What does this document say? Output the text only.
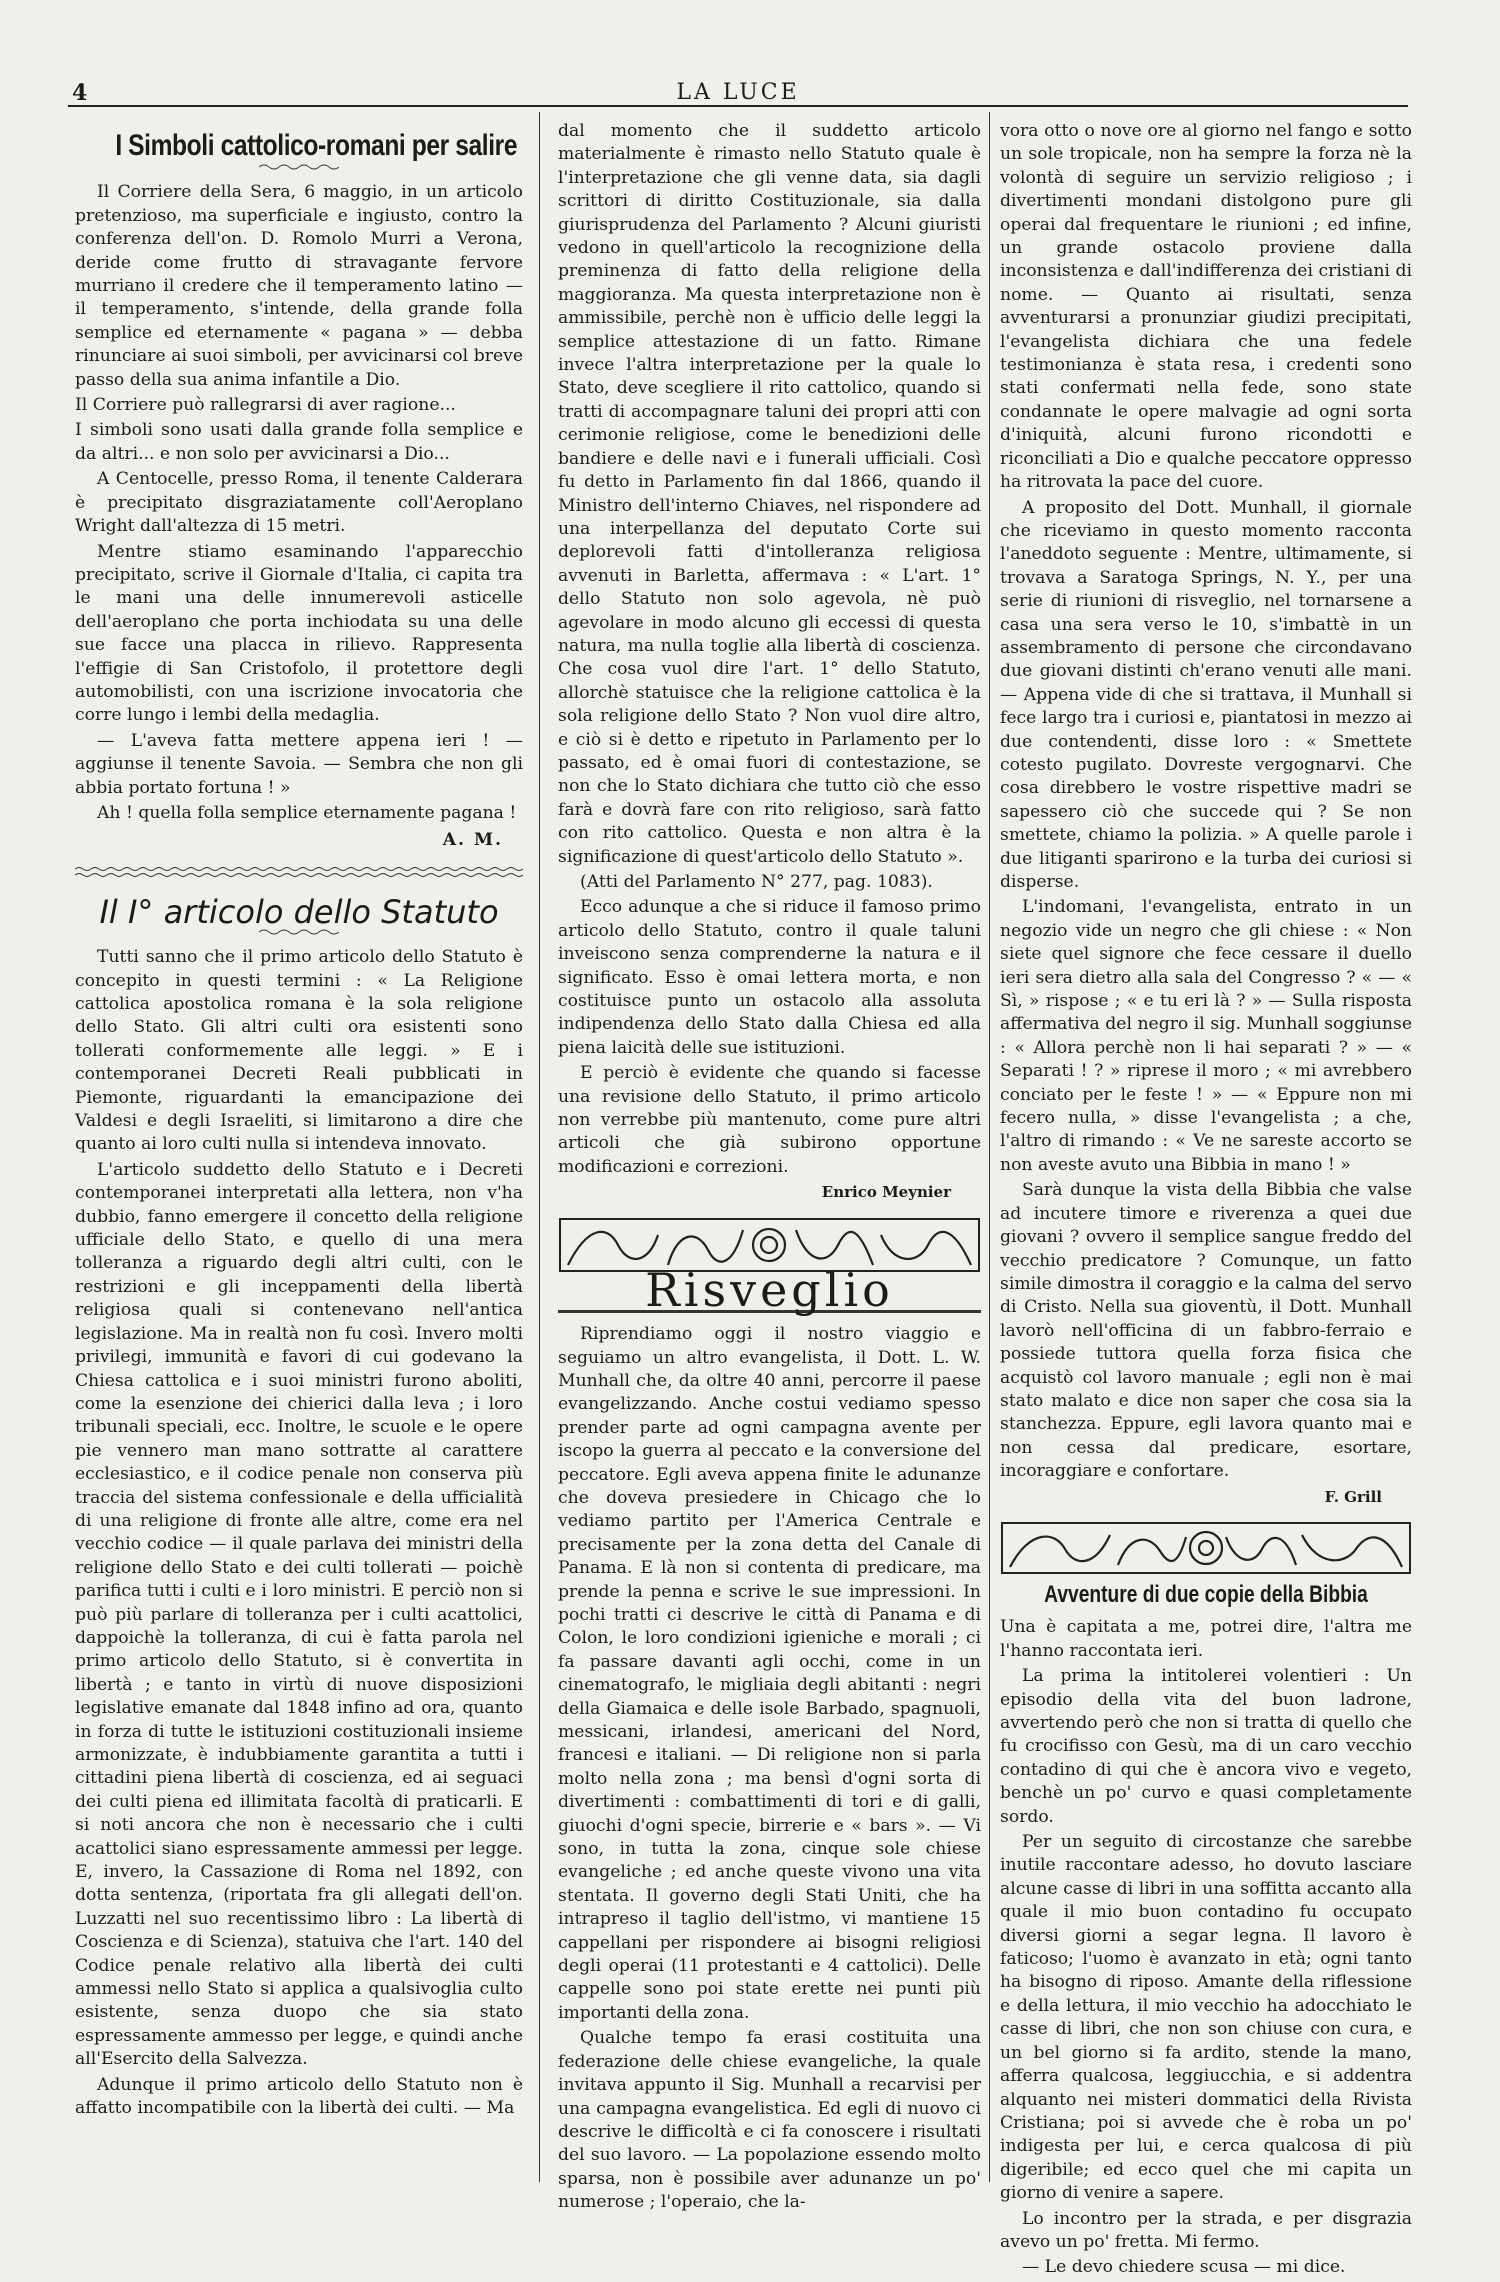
4	LA LUCE
I Simboli cattolico-romani per salire

Il Corriere della Sera, 6 maggio, in un articolo pretenzioso, ma superficiale e ingiusto, contro la conferenza dell'on. D. Romolo Murri a Verona, deride come frutto di stravagante fervore murriano il credere che il temperamento latino — il temperamento, s'intende, della grande folla semplice ed eternamente « pagana » — debba rinunciare ai suoi simboli, per avvicinarsi col breve passo della sua anima infantile a Dio.

Il Corriere può rallegrarsi di aver ragione...

I simboli sono usati dalla grande folla semplice e da altri... e non solo per avvicinarsi a Dio...

A Centocelle, presso Roma, il tenente Calderara è precipitato disgraziatamente coll'Aeroplano Wright dall'altezza di 15 metri.

Mentre stiamo esaminando l'apparecchio precipitato, scrive il Giornale d'Italia, ci capita tra le mani una delle innumerevoli asticelle dell'aeroplano che porta inchiodata su una delle sue facce una placca in rilievo. Rappresenta l'effigie di San Cristofolo, il protettore degli automobilisti, con una iscrizione invocatoria che corre lungo i lembi della medaglia.

— L'aveva fatta mettere appena ieri ! — aggiunse il tenente Savoia. — Sembra che non gli abbia portato fortuna ! »

Ah ! quella folla semplice eternamente pagana !

A. M.
Il I° articolo dello Statuto

Tutti sanno che il primo articolo dello Statuto è concepito in questi termini : « La Religione cattolica apostolica romana è la sola religione dello Stato. Gli altri culti ora esistenti sono tollerati conformemente alle leggi. » E i contemporanei Decreti Reali pubblicati in Piemonte, riguardanti la emancipazione dei Valdesi e degli Israeliti, si limitarono a dire che quanto ai loro culti nulla si intendeva innovato.

L'articolo suddetto dello Statuto e i Decreti contemporanei interpretati alla lettera, non v'ha dubbio, fanno emergere il concetto della religione ufficiale dello Stato, e quello di una mera tolleranza a riguardo degli altri culti, con le restrizioni e gli inceppamenti della libertà religiosa quali si contenevano nell'antica legislazione. Ma in realtà non fu così. Invero molti privilegi, immunità e favori di cui godevano la Chiesa cattolica e i suoi ministri furono aboliti, come la esenzione dei chierici dalla leva ; i loro tribunali speciali, ecc. Inoltre, le scuole e le opere pie vennero man mano sottratte al carattere ecclesiastico, e il codice penale non conserva più traccia del sistema confessionale e della ufficialità di una religione di fronte alle altre, come era nel vecchio codice — il quale parlava dei ministri della religione dello Stato e dei culti tollerati — poichè parifica tutti i culti e i loro ministri. E perciò non si può più parlare di tolleranza per i culti acattolici, dappoichè la tolleranza, di cui è fatta parola nel primo articolo dello Statuto, si è convertita in libertà ; e tanto in virtù di nuove disposizioni legislative emanate dal 1848 infino ad ora, quanto in forza di tutte le istituzioni costituzionali insieme armonizzate, è indubbiamente garantita a tutti i cittadini piena libertà di coscienza, ed ai seguaci dei culti piena ed illimitata facoltà di praticarli. E si noti ancora che non è necessario che i culti acattolici siano espressamente ammessi per legge. E, invero, la Cassazione di Roma nel 1892, con dotta sentenza, (riportata fra gli allegati dell'on. Luzzatti nel suo recentissimo libro : La libertà di Coscienza e di Scienza), statuiva che l'art. 140 del Codice penale relativo alla libertà dei culti ammessi nello Stato si applica a qualsivoglia culto esistente, senza duopo che sia stato espressamente ammesso per legge, e quindi anche all'Esercito della Salvezza.

Adunque il primo articolo dello Statuto non è affatto incompatibile con la libertà dei culti. — Ma

dal momento che il suddetto articolo materialmente è rimasto nello Statuto quale è l'interpretazione che gli venne data, sia dagli scrittori di diritto Costituzionale, sia dalla giurisprudenza del Parlamento ? Alcuni giuristi vedono in quell'articolo la recognizione della preminenza di fatto della religione della maggioranza. Ma questa interpretazione non è ammissibile, perchè non è ufficio delle leggi la semplice attestazione di un fatto. Rimane invece l'altra interpretazione per la quale lo Stato, deve scegliere il rito cattolico, quando si tratti di accompagnare taluni dei propri atti con cerimonie religiose, come le benedizioni delle bandiere e delle navi e i funerali ufficiali. Così fu detto in Parlamento fin dal 1866, quando il Ministro dell'interno Chiaves, nel rispondere ad una interpellanza del deputato Corte sui deplorevoli fatti d'intolleranza religiosa avvenuti in Barletta, affermava : « L'art. 1° dello Statuto non solo agevola, nè può agevolare in modo alcuno gli eccessi di questa natura, ma nulla toglie alla libertà di coscienza. Che cosa vuol dire l'art. 1° dello Statuto, allorchè statuisce che la religione cattolica è la sola religione dello Stato ? Non vuol dire altro, e ciò si è detto e ripetuto in Parlamento per lo passato, ed è omai fuori di contestazione, se non che lo Stato dichiara che tutto ciò che esso farà e dovrà fare con rito religioso, sarà fatto con rito cattolico. Questa e non altra è la significazione di quest'articolo dello Statuto ».

(Atti del Parlamento N° 277, pag. 1083).

Ecco adunque a che si riduce il famoso primo articolo dello Statuto, contro il quale taluni inveiscono senza comprenderne la natura e il significato. Esso è omai lettera morta, e non costituisce punto un ostacolo alla assoluta indipendenza dello Stato dalla Chiesa ed alla piena laicità delle sue istituzioni.

E perciò è evidente che quando si facesse una revisione dello Statuto, il primo articolo non verrebbe più mantenuto, come pure altri articoli che già subirono opportune modificazioni e correzioni.

Enrico Meynier
Risveglio

Riprendiamo oggi il nostro viaggio e seguiamo un altro evangelista, il Dott. L. W. Munhall che, da oltre 40 anni, percorre il paese evangelizzando. Anche costui vediamo spesso prender parte ad ogni campagna avente per iscopo la guerra al peccato e la conversione del peccatore. Egli aveva appena finite le adunanze che doveva presiedere in Chicago che lo vediamo partito per l'America Centrale e precisamente per la zona detta del Canale di Panama. E là non si contenta di predicare, ma prende la penna e scrive le sue impressioni. In pochi tratti ci descrive le città di Panama e di Colon, le loro condizioni igieniche e morali ; ci fa passare davanti agli occhi, come in un cinematografo, le migliaia degli abitanti : negri della Giamaica e delle isole Barbado, spagnuoli, messicani, irlandesi, americani del Nord, francesi e italiani. — Di religione non si parla molto nella zona ; ma bensì d'ogni sorta di divertimenti : combattimenti di tori e di galli, giuochi d'ogni specie, birrerie e « bars ». — Vi sono, in tutta la zona, cinque sole chiese evangeliche ; ed anche queste vivono una vita stentata. Il governo degli Stati Uniti, che ha intrapreso il taglio dell'istmo, vi mantiene 15 cappellani per rispondere ai bisogni religiosi degli operai (11 protestanti e 4 cattolici). Delle cappelle sono poi state erette nei punti più importanti della zona.

Qualche tempo fa erasi costituita una federazione delle chiese evangeliche, la quale invitava appunto il Sig. Munhall a recarvisi per una campagna evangelistica. Ed egli di nuovo ci descrive le difficoltà e ci fa conoscere i risultati del suo lavoro. — La popolazione essendo molto sparsa, non è possibile aver adunanze un po' numerose ; l'operaio, che la-

vora otto o nove ore al giorno nel fango e sotto un sole tropicale, non ha sempre la forza nè la volontà di seguire un servizio religioso ; i divertimenti mondani distolgono pure gli operai dal frequentare le riunioni ; ed infine, un grande ostacolo proviene dalla inconsistenza e dall'indifferenza dei cristiani di nome. — Quanto ai risultati, senza avventurarsi a pronunziar giudizi precipitati, l'evangelista dichiara che una fedele testimonianza è stata resa, i credenti sono stati confermati nella fede, sono state condannate le opere malvagie ad ogni sorta d'iniquità, alcuni furono ricondotti e riconciliati a Dio e qualche peccatore oppresso ha ritrovata la pace del cuore.

A proposito del Dott. Munhall, il giornale che riceviamo in questo momento racconta l'aneddoto seguente : Mentre, ultimamente, si trovava a Saratoga Springs, N. Y., per una serie di riunioni di risveglio, nel tornarsene a casa una sera verso le 10, s'imbattè in un assembramento di persone che circondavano due giovani distinti ch'erano venuti alle mani. — Appena vide di che si trattava, il Munhall si fece largo tra i curiosi e, piantatosi in mezzo ai due contendenti, disse loro : « Smettete cotesto pugilato. Dovreste vergognarvi. Che cosa direbbero le vostre rispettive madri se sapessero ciò che succede qui ? Se non smettete, chiamo la polizia. » A quelle parole i due litiganti sparirono e la turba dei curiosi si disperse.

L'indomani, l'evangelista, entrato in un negozio vide un negro che gli chiese : « Non siete quel signore che fece cessare il duello ieri sera dietro alla sala del Congresso ? « — « Sì, » rispose ; « e tu eri là ? » — Sulla risposta affermativa del negro il sig. Munhall soggiunse : « Allora perchè non li hai separati ? » — « Separati ! ? » riprese il moro ; « mi avrebbero conciato per le feste ! » — « Eppure non mi fecero nulla, » disse l'evangelista ; a che, l'altro di rimando : « Ve ne sareste accorto se non aveste avuto una Bibbia in mano ! »

Sarà dunque la vista della Bibbia che valse ad incutere timore e riverenza a quei due giovani ? ovvero il semplice sangue freddo del vecchio predicatore ? Comunque, un fatto simile dimostra il coraggio e la calma del servo di Cristo. Nella sua gioventù, il Dott. Munhall lavorò nell'officina di un fabbro-ferraio e possiede tuttora quella forza fisica che acquistò col lavoro manuale ; egli non è mai stato malato e dice non saper che cosa sia la stanchezza. Eppure, egli lavora quanto mai e non cessa dal predicare, esortare, incoraggiare e confortare.

F. Grill
Avventure di due copie della Bibbia

Una è capitata a me, potrei dire, l'altra me l'hanno raccontata ieri.

La prima la intitolerei volentieri : Un episodio della vita del buon ladrone, avvertendo però che non si tratta di quello che fu crocifisso con Gesù, ma di un caro vecchio contadino di qui che è ancora vivo e vegeto, benchè un po' curvo e quasi completamente sordo.

Per un seguito di circostanze che sarebbe inutile raccontare adesso, ho dovuto lasciare alcune casse di libri in una soffitta accanto alla quale il mio buon contadino fu occupato diversi giorni a segar legna. Il lavoro è faticoso; l'uomo è avanzato in età; ogni tanto ha bisogno di riposo. Amante della riflessione e della lettura, il mio vecchio ha adocchiato le casse di libri, che non son chiuse con cura, e un bel giorno si fa ardito, stende la mano, afferra qualcosa, leggiucchia, e si addentra alquanto nei misteri dommatici della Rivista Cristiana; poi si avvede che è roba un po' indigesta per lui, e cerca qualcosa di più digeribile; ed ecco quel che mi capita un giorno di venire a sapere.

Lo incontro per la strada, e per disgrazia avevo un po' fretta. Mi fermo.

— Le devo chiedere scusa — mi dice.
